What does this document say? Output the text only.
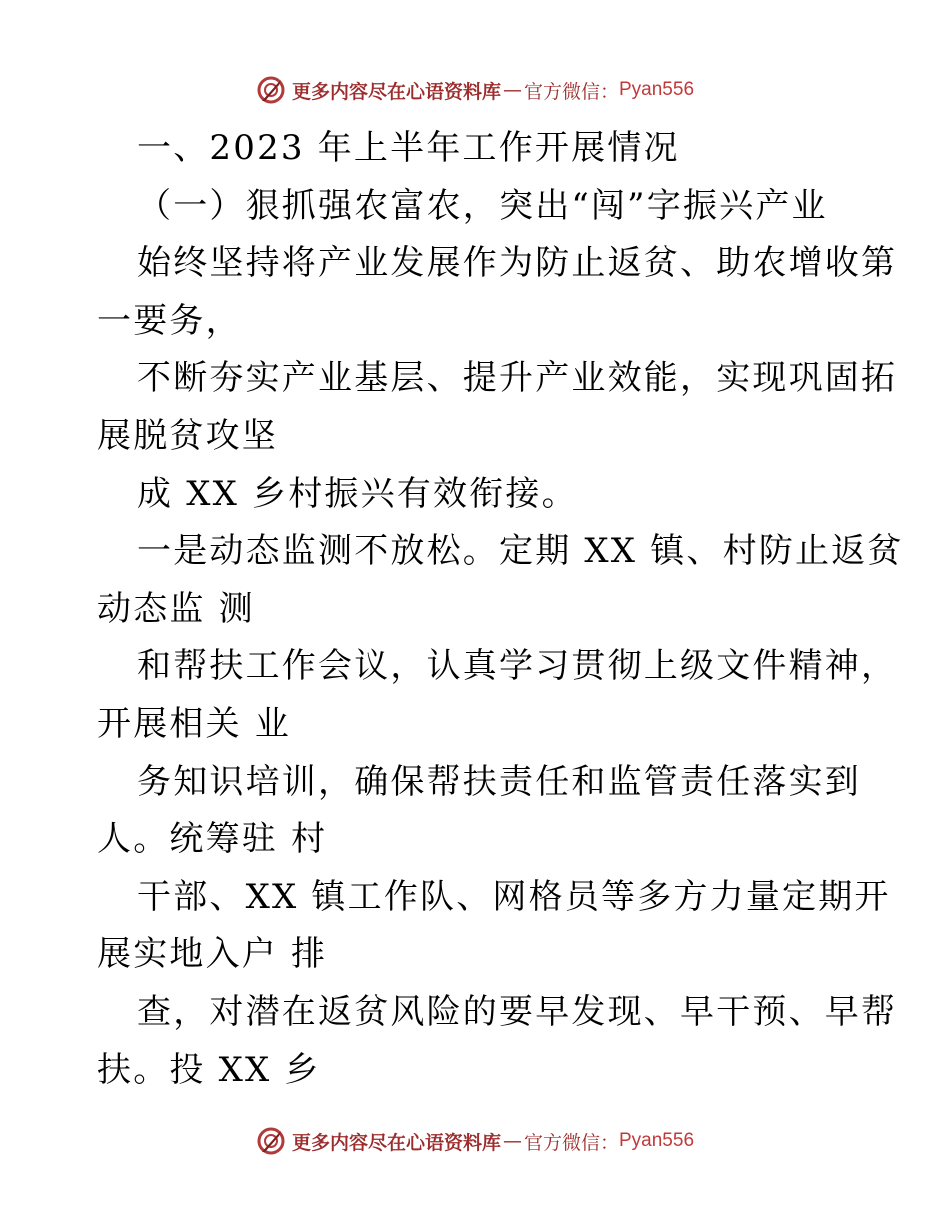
更多内容尽在心语资料库 — 官方微信： Pyan556
一、2023 年上半年工作开展情况
（一）狠抓强农富农，突出“闯”字振兴产业
始终坚持将产业发展作为防止返贫、助农增收第
一要务，
不断夯实产业基层、提升产业效能，实现巩固拓
展脱贫攻坚
成 XX 乡村振兴有效衔接。
一是动态监测不放松。定期 XX 镇、村防止返贫
动态监 测
和帮扶工作会议，认真学习贯彻上级文件精神，
开展相关 业
务知识培训，确保帮扶责任和监管责任落实到
人。统筹驻 村
干部、XX 镇工作队、网格员等多方力量定期开
展实地入户 排
查，对潜在返贫风险的要早发现、早干预、早帮
扶。投 XX 乡
更多内容尽在心语资料库 — 官方微信： Pyan556
